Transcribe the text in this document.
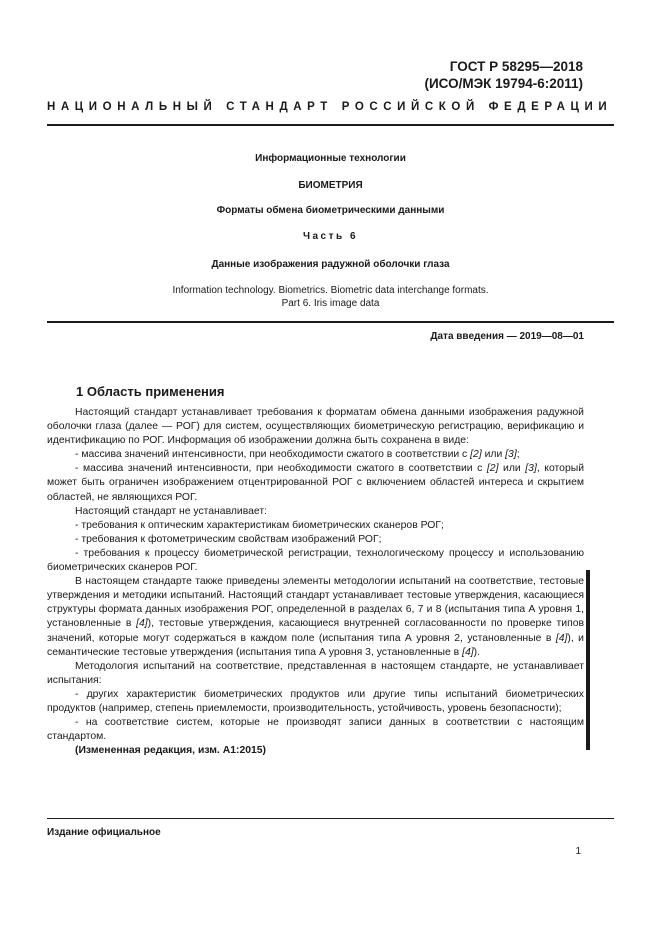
ГОСТ Р 58295—2018
(ИСО/МЭК 19794-6:2011)
НАЦИОНАЛЬНЫЙ СТАНДАРТ РОССИЙСКОЙ ФЕДЕРАЦИИ
Информационные технологии
БИОМЕТРИЯ
Форматы обмена биометрическими данными
Часть 6
Данные изображения радужной оболочки глаза
Information technology. Biometrics. Biometric data interchange formats.
Part 6. Iris image data
Дата введения — 2019—08—01
1 Область применения

Настоящий стандарт устанавливает требования к форматам обмена данными изображения радужной оболочки глаза (далее — РОГ) для систем, осуществляющих биометрическую регистрацию, верификацию и идентификацию по РОГ. Информация об изображении должна быть сохранена в виде:

- массива значений интенсивности, при необходимости сжатого в соответствии с [2] или [3];

- массива значений интенсивности, при необходимости сжатого в соответствии с [2] или [3], который может быть ограничен изображением отцентрированной РОГ с включением областей интереса и скрытием областей, не являющихся РОГ.

Настоящий стандарт не устанавливает:

- требования к оптическим характеристикам биометрических сканеров РОГ;

- требования к фотометрическим свойствам изображений РОГ;

- требования к процессу биометрической регистрации, технологическому процессу и использованию биометрических сканеров РОГ.

В настоящем стандарте также приведены элементы методологии испытаний на соответствие, тестовые утверждения и методики испытаний. Настоящий стандарт устанавливает тестовые утверждения, касающиеся структуры формата данных изображения РОГ, определенной в разделах 6, 7 и 8 (испытания типа А уровня 1, установленные в [4]), тестовые утверждения, касающиеся внутренней согласованности по проверке типов значений, которые могут содержаться в каждом поле (испытания типа А уровня 2, установленные в [4]), и семантические тестовые утверждения (испытания типа А уровня 3, установленные в [4]).

Методология испытаний на соответствие, представленная в настоящем стандарте, не устанавливает испытания:

- других характеристик биометрических продуктов или другие типы испытаний биометрических продуктов (например, степень приемлемости, производительность, устойчивость, уровень безопасности);

- на соответствие систем, которые не производят записи данных в соответствии с настоящим стандартом.

(Измененная редакция, изм. А1:2015)

Издание официальное
1
